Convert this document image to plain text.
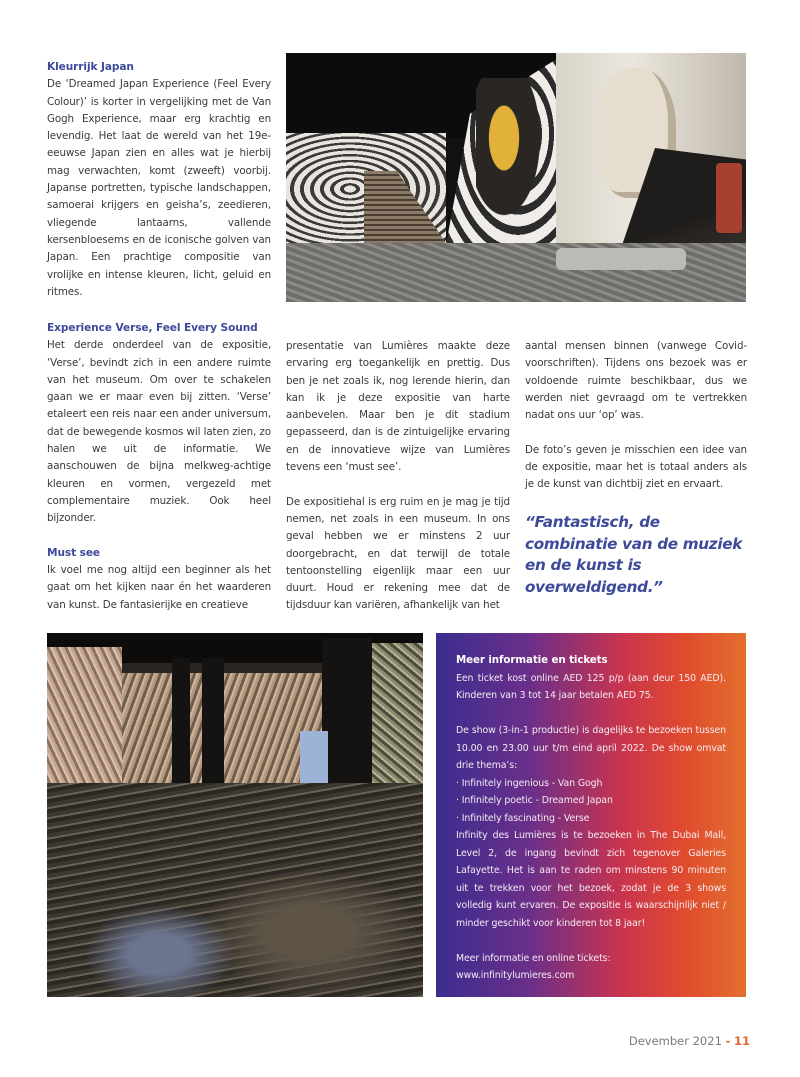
Kleurrijk Japan

De ‘Dreamed Japan Experience (Feel Every Colour)’ is korter in vergelijking met de Van Gogh Experience, maar erg krachtig en levendig. Het laat de wereld van het 19e-eeuwse Japan zien en alles wat je hierbij mag verwachten, komt (zweeft) voorbij. Japanse portretten, typische landschappen, samoerai krijgers en geisha’s, zeedieren, vliegende lantaarns, vallende kersenbloesems en de iconische golven van Japan. Een prachtige compositie van vrolijke en intense kleuren, licht, geluid en ritmes.

Experience Verse, Feel Every Sound

Het derde onderdeel van de expositie, ‘Verse’, bevindt zich in een andere ruimte van het museum. Om over te schakelen gaan we er maar even bij zitten. ‘Verse’ etaleert een reis naar een ander universum, dat de bewegende kosmos wil laten zien, zo halen we uit de informatie. We aanschouwen de bijna melkweg-achtige kleuren en vormen, vergezeld met complementaire muziek. Ook heel bijzonder.

Must see

Ik voel me nog altijd een beginner als het gaat om het kijken naar én het waarderen van kunst. De fantasierijke en creatieve

presentatie van Lumières maakte deze ervaring erg toegankelijk en prettig. Dus ben je net zoals ik, nog lerende hierin, dan kan ik je deze expositie van harte aanbevelen. Maar ben je dit stadium gepasseerd, dan is de zintuigelijke ervaring en de innovatieve wijze van Lumières tevens een ‘must see’.

De expositiehal is erg ruim en je mag je tijd nemen, net zoals in een museum. In ons geval hebben we er minstens 2 uur doorgebracht, en dat terwijl de totale tentoonstelling eigenlijk maar een uur duurt. Houd er rekening mee dat de tijdsduur kan variëren, afhankelijk van het

aantal mensen binnen (vanwege Covid-voorschriften). Tijdens ons bezoek was er voldoende ruimte beschikbaar, dus we werden niet gevraagd om te vertrekken nadat ons uur ‘op’ was.

De foto’s geven je misschien een idee van de expositie, maar het is totaal anders als je de kunst van dichtbij ziet en ervaart.

“Fantastisch, de combinatie van de muziek en de kunst is overweldigend.”
Meer informatie en tickets

Een ticket kost online AED 125 p/p (aan deur 150 AED). Kinderen van 3 tot 14 jaar betalen AED 75.

De show (3-in-1 productie) is dagelijks te bezoeken tussen 10.00 en 23.00 uur t/m eind april 2022. De show omvat drie thema’s:

· Infinitely ingenious - Van Gogh
· Infinitely poetic - Dreamed Japan
· Infinitely fascinating - Verse

Infinity des Lumières is te bezoeken in The Dubai Mall, Level 2, de ingang bevindt zich tegenover Galeries Lafayette. Het is aan te raden om minstens 90 minuten uit te trekken voor het bezoek, zodat je de 3 shows volledig kunt ervaren. De expositie is waarschijnlijk niet / minder geschikt voor kinderen tot 8 jaar!

Meer informatie en online tickets:

www.infinitylumieres.com

Devember 2021 - 11
